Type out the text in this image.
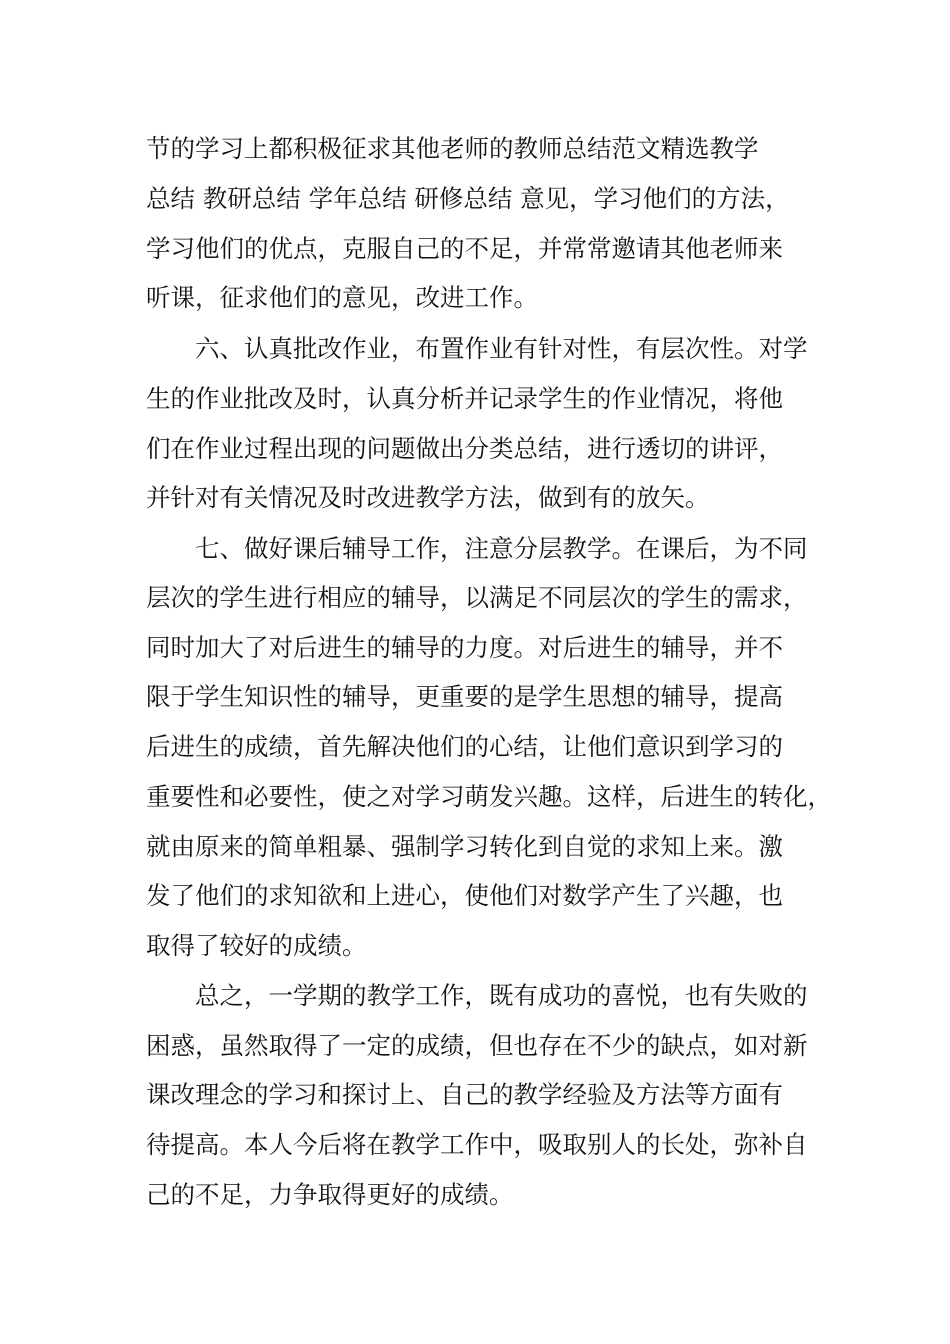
节的学习上都积极征求其他老师的教师总结范文精选教学
总结 教研总结 学年总结 研修总结 意见，学习他们的方法，
学习他们的优点，克服自己的不足，并常常邀请其他老师来
听课，征求他们的意见，改进工作。
六、认真批改作业，布置作业有针对性，有层次性。对学
生的作业批改及时，认真分析并记录学生的作业情况，将他
们在作业过程出现的问题做出分类总结，进行透切的讲评，
并针对有关情况及时改进教学方法，做到有的放矢。
七、做好课后辅导工作，注意分层教学。在课后，为不同
层次的学生进行相应的辅导，以满足不同层次的学生的需求，
同时加大了对后进生的辅导的力度。对后进生的辅导，并不
限于学生知识性的辅导，更重要的是学生思想的辅导，提高
后进生的成绩，首先解决他们的心结，让他们意识到学习的
重要性和必要性，使之对学习萌发兴趣。这样，后进生的转化，
就由原来的简单粗暴、强制学习转化到自觉的求知上来。激
发了他们的求知欲和上进心，使他们对数学产生了兴趣，也
取得了较好的成绩。
总之，一学期的教学工作，既有成功的喜悦，也有失败的
困惑，虽然取得了一定的成绩，但也存在不少的缺点，如对新
课改理念的学习和探讨上、自己的教学经验及方法等方面有
待提高。本人今后将在教学工作中，吸取别人的长处，弥补自
己的不足，力争取得更好的成绩。
